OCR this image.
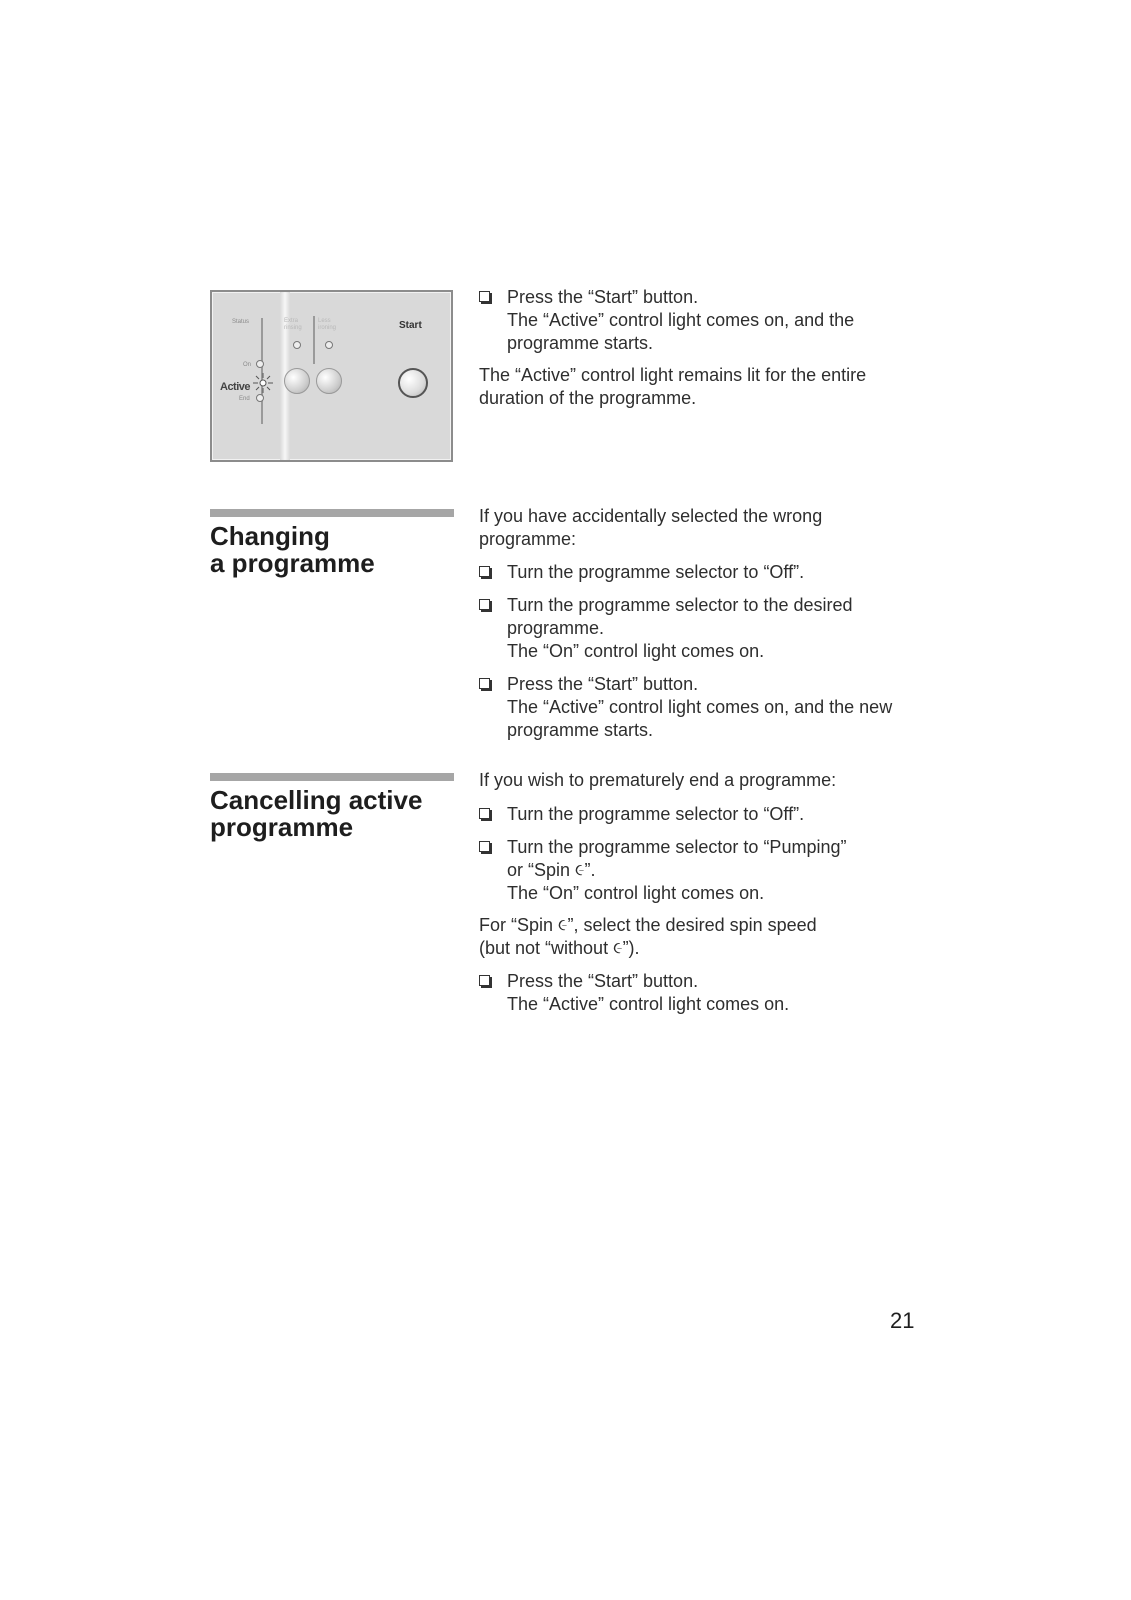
Status	Extra
rinsing
Less
ironing	Start
On
Active
End
Press the “Start” button.
The “Active” control light comes on, and the
programme starts.
The “Active” control light remains lit for the entire
duration of the programme.
Changing
a programme
If you have accidentally selected the wrong
programme:
Turn the programme selector to “Off”.
Turn the programme selector to the desired
programme.
The “On” control light comes on.
Press the “Start” button.
The “Active” control light comes on, and the new
programme starts.
Cancelling active
programme
If you wish to prematurely end a programme:
Turn the programme selector to “Off”.
Turn the programme selector to “Pumping”
or “Spin ૯”.
The “On” control light comes on.
For “Spin ૯”, select the desired spin speed
(but not “without ૯”).
Press the “Start” button.
The “Active” control light comes on.
21
